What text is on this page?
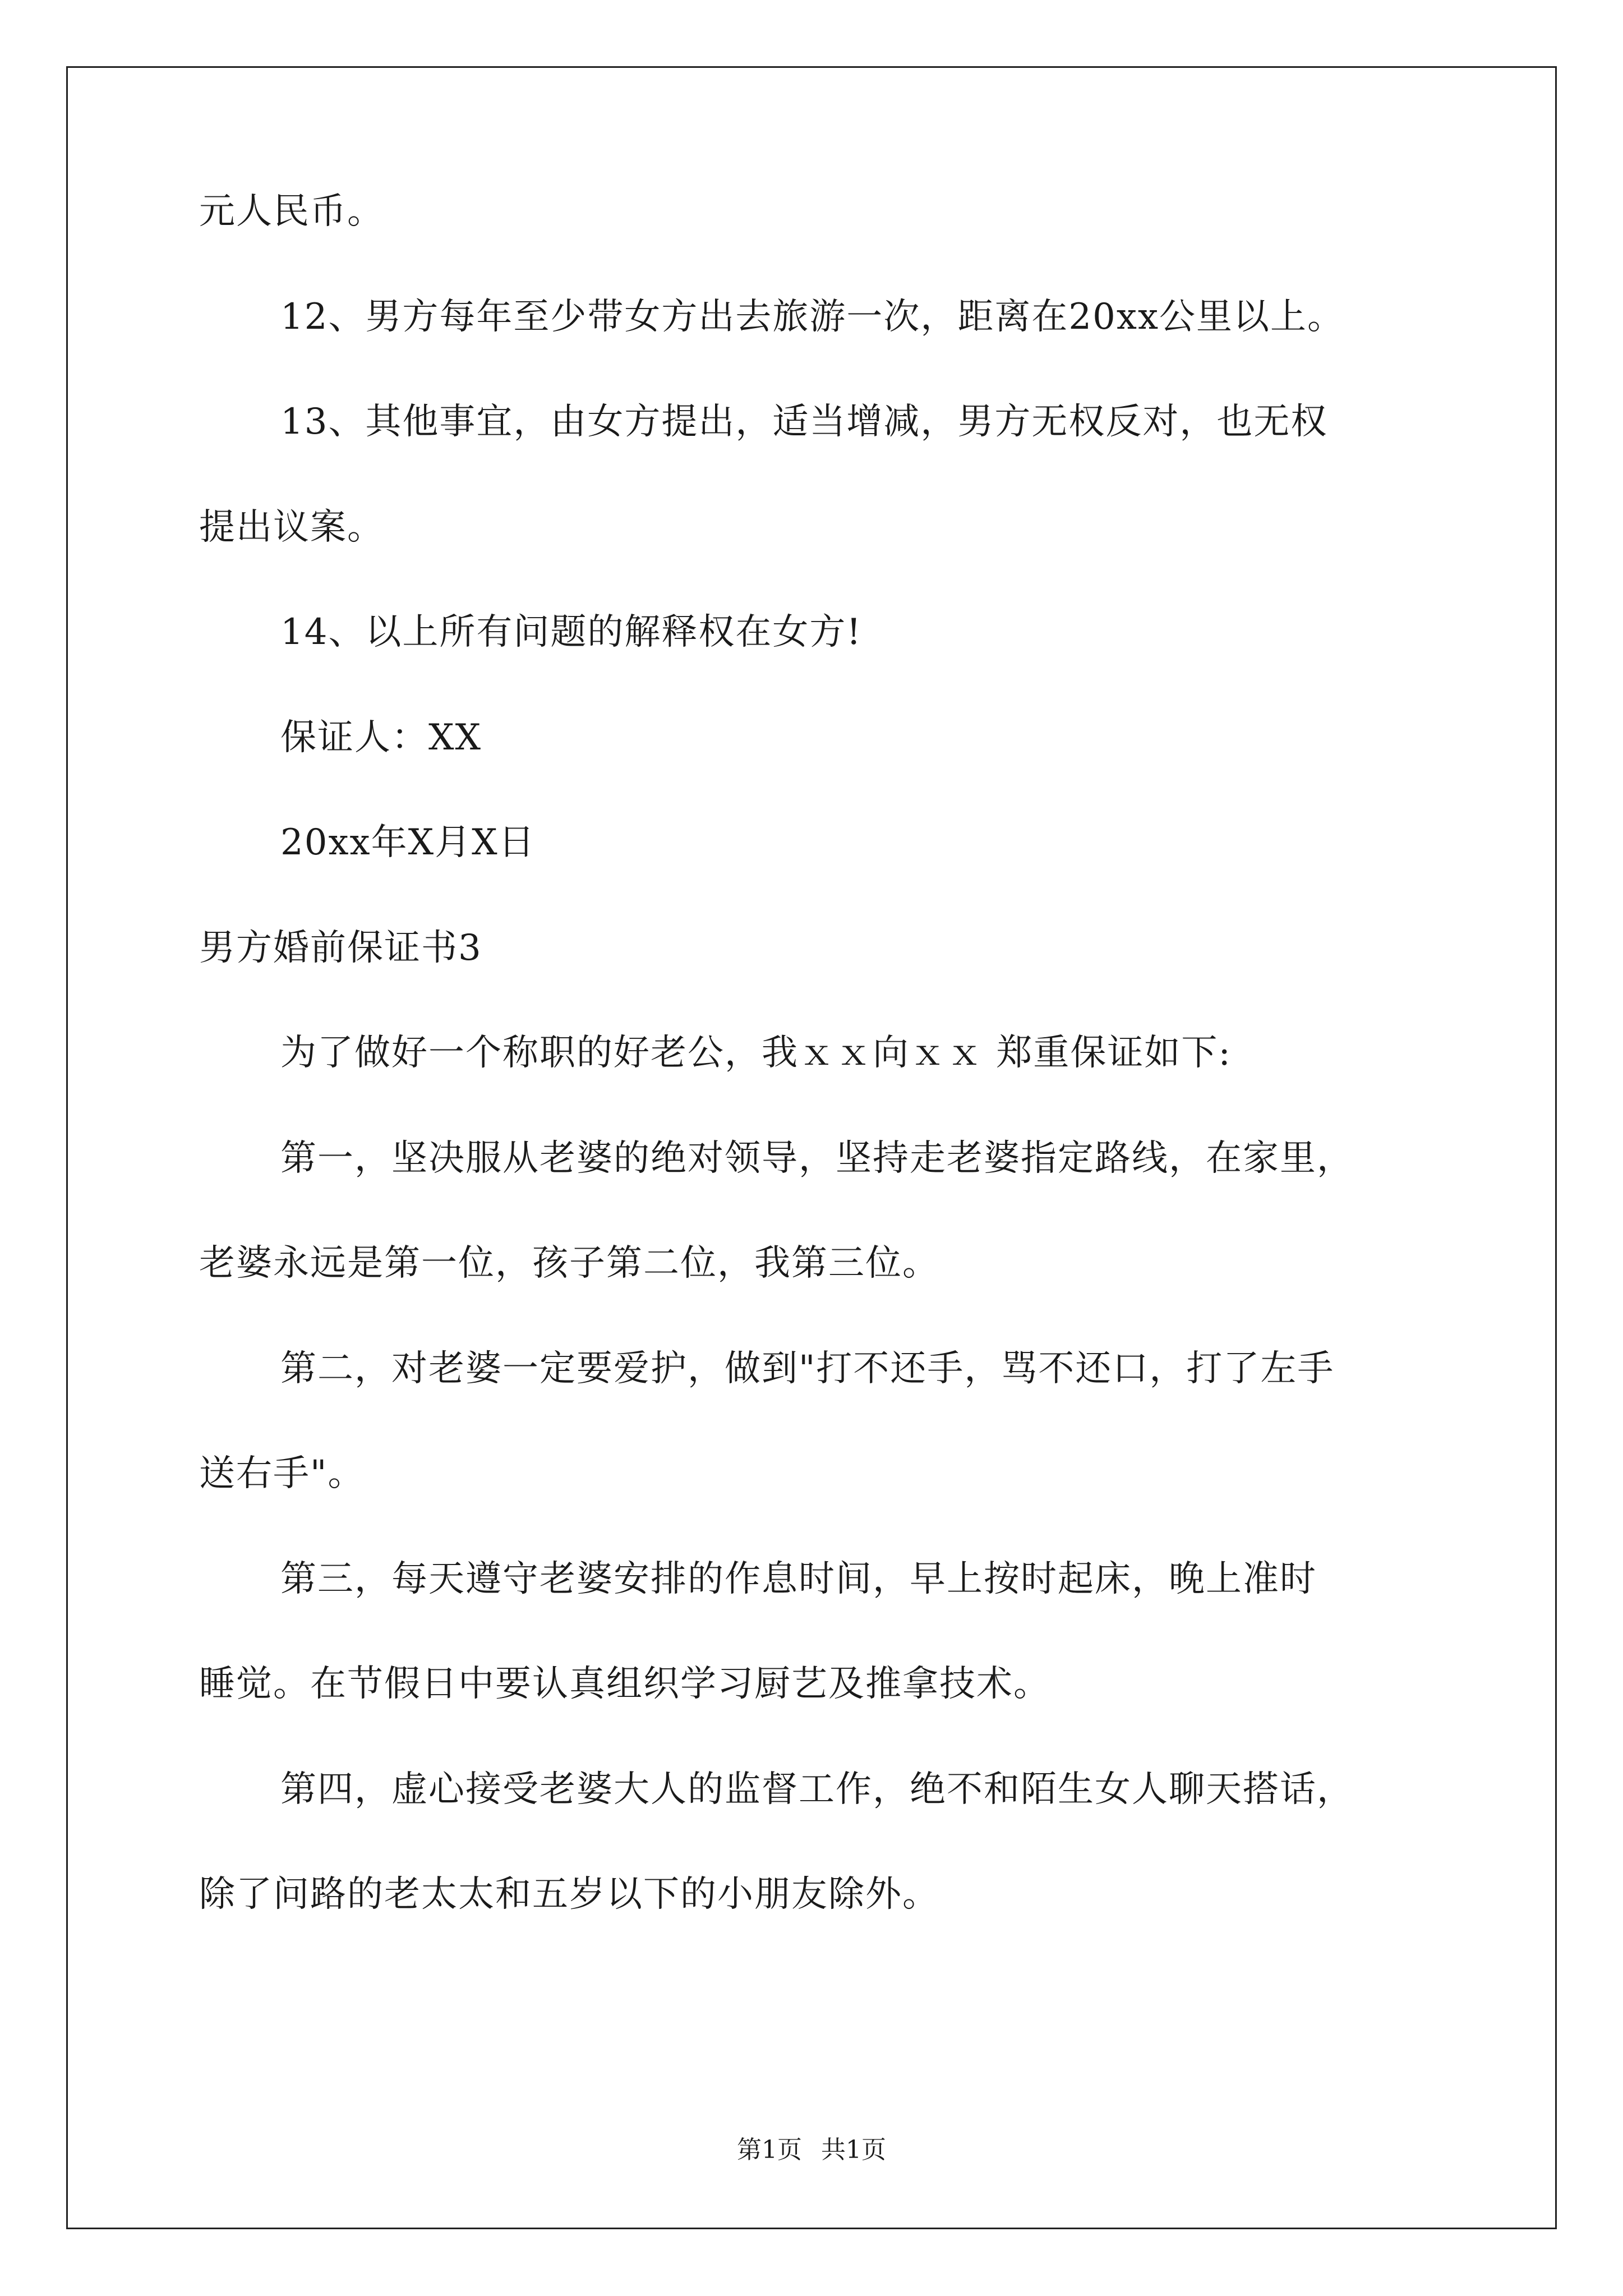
元人民币。
12、男方每年至少带女方出去旅游一次，距离在20xx公里以上。
13、其他事宜，由女方提出，适当增减，男方无权反对，也无权
提出议案。
14、以上所有问题的解释权在女方!
保证人：XX
20xx年X月X日
男方婚前保证书3
为了做好一个称职的好老公，我ｘｘ向ｘｘ 郑重保证如下:
第一，坚决服从老婆的绝对领导，坚持走老婆指定路线，在家里，
老婆永远是第一位，孩子第二位，我第三位。
第二，对老婆一定要爱护，做到"打不还手，骂不还口，打了左手
送右手"。
第三，每天遵守老婆安排的作息时间，早上按时起床，晚上准时
睡觉。在节假日中要认真组织学习厨艺及推拿技术。
第四，虚心接受老婆大人的监督工作，绝不和陌生女人聊天搭话，
除了问路的老太太和五岁以下的小朋友除外。
第1页 共1页
